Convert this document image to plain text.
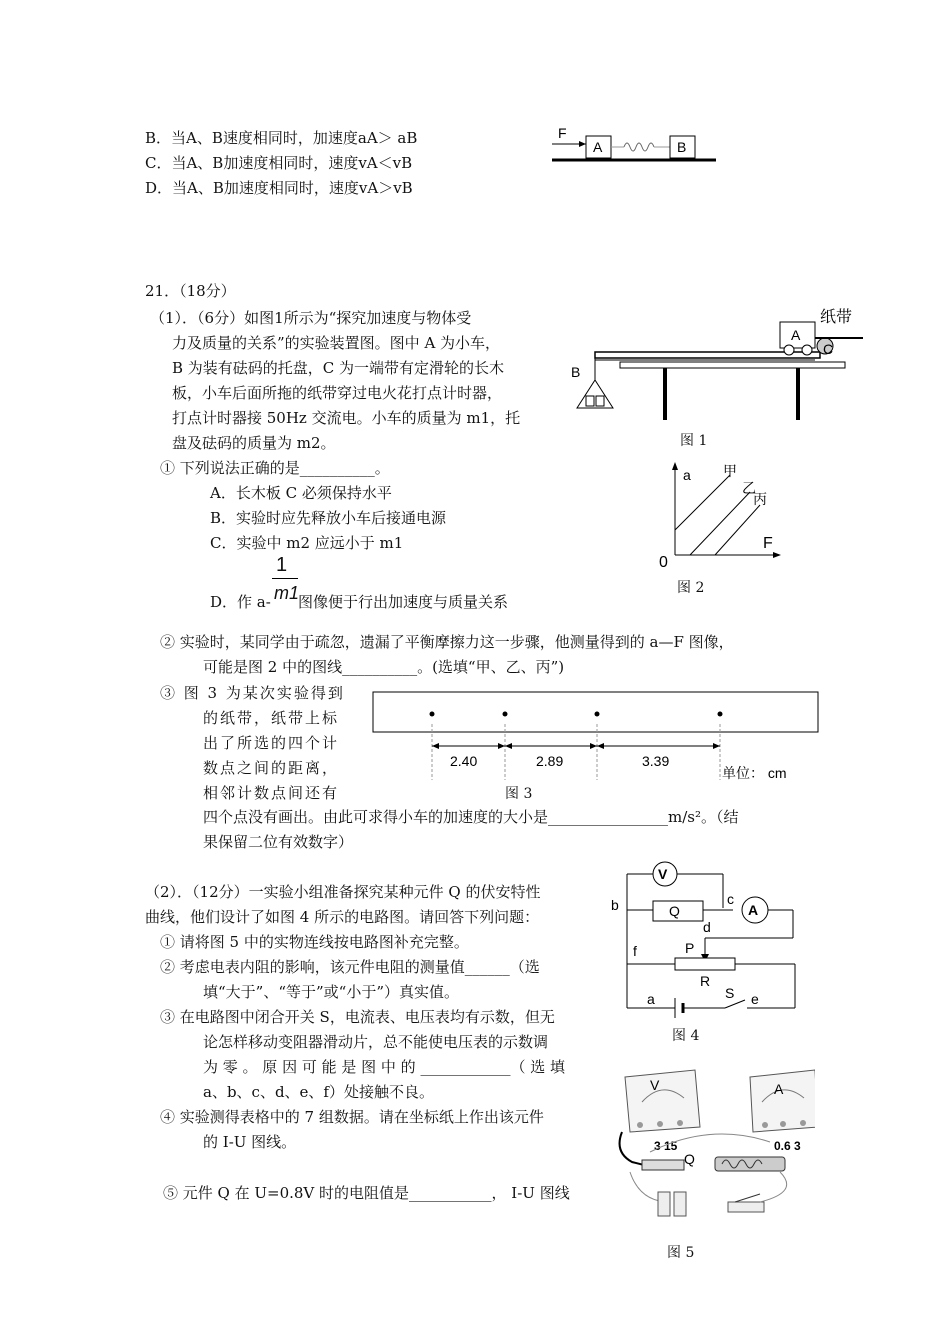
B．当A、B速度相同时，加速度aA＞ aB
C．当A、B加速度相同时，速度vA＜vB
D．当A、B加速度相同时，速度vA＞vB
F
A	B
21．（18分）
（1）．（6分）如图1所示为“探究加速度与物体受
力及质量的关系”的实验装置图。图中 A 为小车，
B 为装有砝码的托盘，C 为一端带有定滑轮的长木
板，小车后面所拖的纸带穿过电火花打点计时器，
打点计时器接 50Hz 交流电。小车的质量为 m1，托
盘及砝码的质量为 m2。
① 下列说法正确的是__________。
A．长木板 C 必须保持水平
B．实验时应先释放小车后接通电源
C．实验中 m2 应远小于 m1
D．作 a-
1
m1
图像便于行出加速度与质量关系
② 实验时，某同学由于疏忽，遗漏了平衡摩擦力这一步骤，他测量得到的 a—F 图像，
可能是图 2 中的图线__________。(选填“甲、乙、丙”)
③ 图 3 为某次实验得到
的纸带，纸带上标
出了所选的四个计
数点之间的距离，
相邻计数点间还有
四个点没有画出。由此可求得小车的加速度的大小是________________m/s²。（结
果保留二位有效数字）
（2）．（12分）一实验小组准备探究某种元件 Q 的伏安特性
曲线，他们设计了如图 4 所示的电路图。请回答下列问题：
① 请将图 5 中的实物连线按电路图补充完整。
② 考虑电表内阻的影响，该元件电阻的测量值______（选
填“大于”、“等于”或“小于”）真实值。
③ 在电路图中闭合开关 S，电流表、电压表均有示数，但无
论怎样移动变阻器滑动片，总不能使电压表的示数调
为 零 。 原 因 可 能 是 图 中 的 ____________（ 选 填
a、b、c、d、e、f）处接触不良。
④ 实验测得表格中的 7 组数据。请在坐标纸上作出该元件
的 I-U 图线。
⑤ 元件 Q 在 U=0.8V 时的电阻值是___________， I-U 图线
A
纸带
C
B
图 1
a
F
0
甲
乙
丙
图 2
2.40	2.89	3.39
单位： cm
图 3
V
b	Q
c
A
d
P
f
R
a	S e
图 4
V
3 15
A
0.6 3
Q
图 5
